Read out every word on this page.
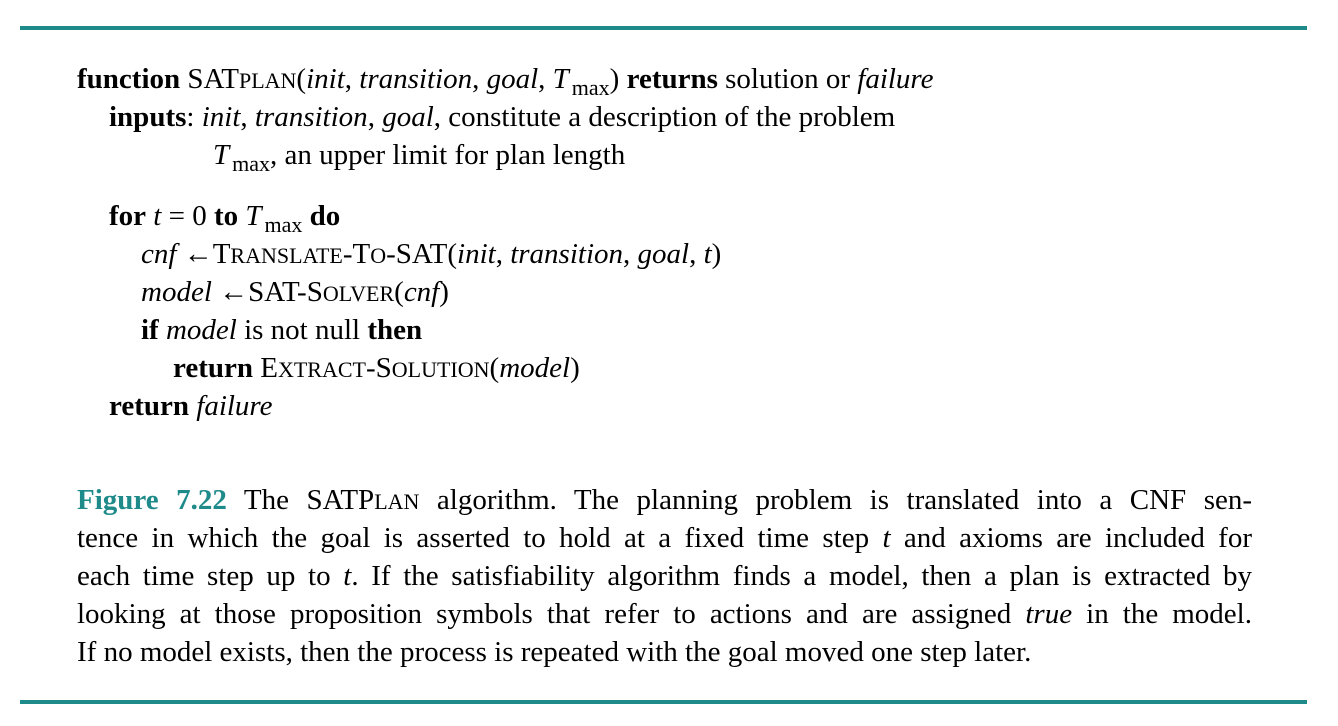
function SATPLAN(init, transition, goal, T $_{max}$) returns solution or failure
inputs: init, transition, goal, constitute a description of the problem
T $_{max}$, an upper limit for plan length
for t = 0 to T $_{max}$ do
cnf ←TRANSLATE-TO-SAT(init, transition, goal, t)
model ←SAT-SOLVER(cnf)
if model is not null then
return EXTRACT-SOLUTION(model)
return failure
Figure 7.22 The SATPLAN algorithm. The planning problem is translated into a CNF sen-
tence in which the goal is asserted to hold at a fixed time step t and axioms are included for
each time step up to t. If the satisfiability algorithm finds a model, then a plan is extracted by
looking at those proposition symbols that refer to actions and are assigned true in the model.
If no model exists, then the process is repeated with the goal moved one step later.
